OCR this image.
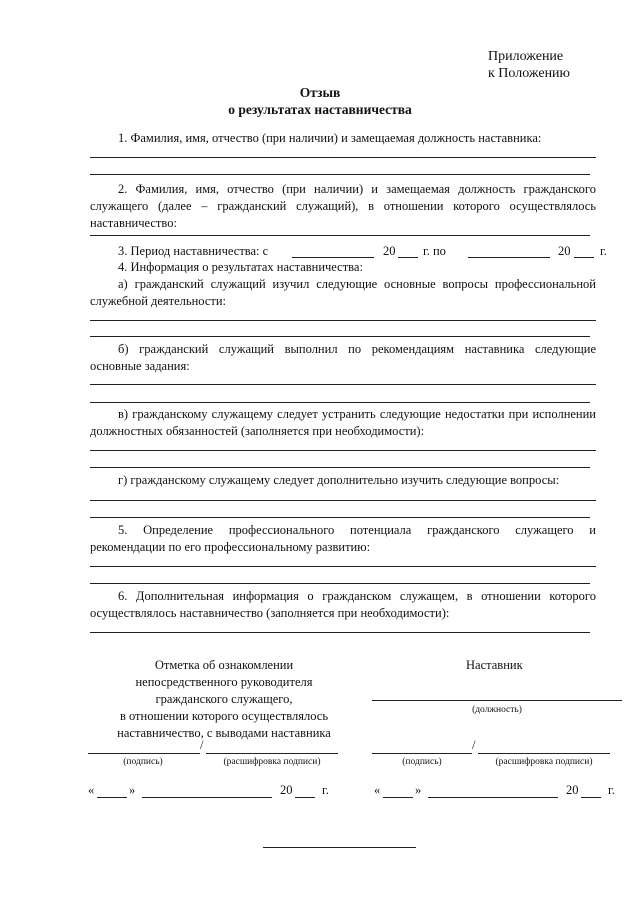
Приложение
к Положению
Отзыв
о результатах наставничества
1. Фамилия, имя, отчество (при наличии) и замещаемая должность наставника:
2. Фамилия, имя, отчество (при наличии) и замещаемая должность гражданского служащего (далее – гражданский служащий), в отношении которого осуществлялось наставничество:
3. Период наставничества: с	20 г. по	20 г.
4. Информация о результатах наставничества:
а) гражданский служащий изучил следующие основные вопросы профессиональной служебной деятельности:
б) гражданский служащий выполнил по рекомендациям наставника следующие основные задания:
в) гражданскому служащему следует устранить следующие недостатки при исполнении должностных обязанностей (заполняется при необходимости):
г) гражданскому служащему следует дополнительно изучить следующие вопросы:
5. Определение профессионального потенциала гражданского служащего и рекомендации по его профессиональному развитию:
6. Дополнительная информация о гражданском служащем, в отношении которого осуществлялось наставничество (заполняется при необходимости):
Отметка об ознакомлении
непосредственного руководителя
гражданского служащего,
в отношении которого осуществлялось
наставничество, с выводами наставника
/
(подпись)	(расшифровка подписи)
«	»	20 г.
Наставник
(должность)
/
(подпись)	(расшифровка подписи)
«	»	20 г.
